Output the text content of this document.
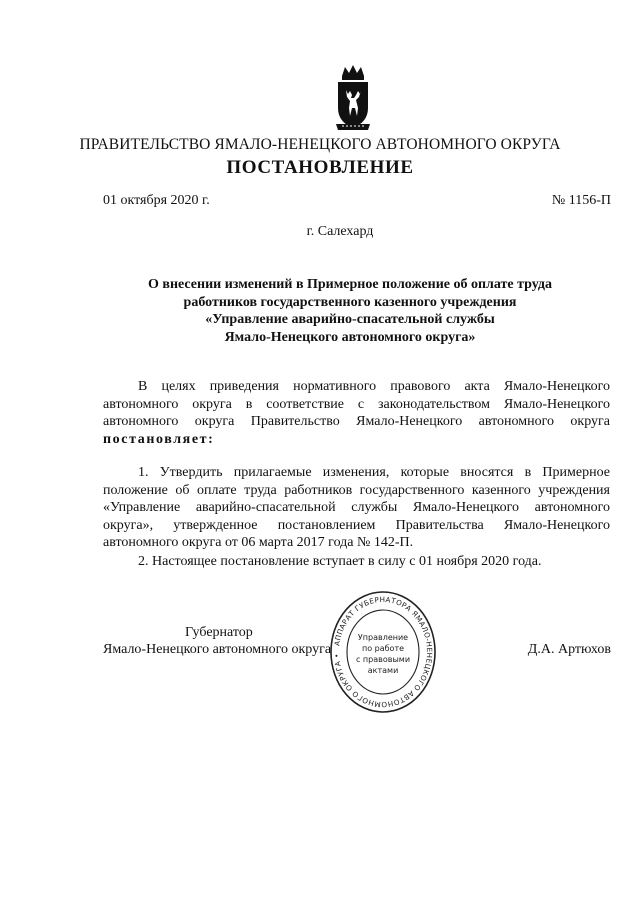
ПРАВИТЕЛЬСТВО ЯМАЛО-НЕНЕЦКОГО АВТОНОМНОГО ОКРУГА
ПОСТАНОВЛЕНИЕ
01 октября 2020 г.	№ 1156-П
г. Салехард
О внесении изменений в Примерное положение об оплате труда
работников государственного казенного учреждения
«Управление аварийно-спасательной службы
Ямало-Ненецкого автономного округа»
В целях приведения нормативного правового акта Ямало-Ненецкого автономного округа в соответствие с законодательством Ямало-Ненецкого автономного округа Правительство Ямало-Ненецкого автономного округа постановляет:
1. Утвердить прилагаемые изменения, которые вносятся в Примерное положение об оплате труда работников государственного казенного учреждения «Управление аварийно-спасательной службы Ямало-Ненецкого автономного округа», утвержденное постановлением Правительства Ямало-Ненецкого автономного округа от 06 марта 2017 года № 142-П.
2. Настоящее постановление вступает в силу с 01 ноября 2020 года.
Губернатор
Ямало-Ненецкого автономного округа	Д.А. Артюхов
АППАРАТ ГУБЕРНАТОРА ЯМАЛО-НЕНЕЦКОГО АВТОНОМНОГО ОКРУГА •
Управление
по работе
с правовыми
актами
